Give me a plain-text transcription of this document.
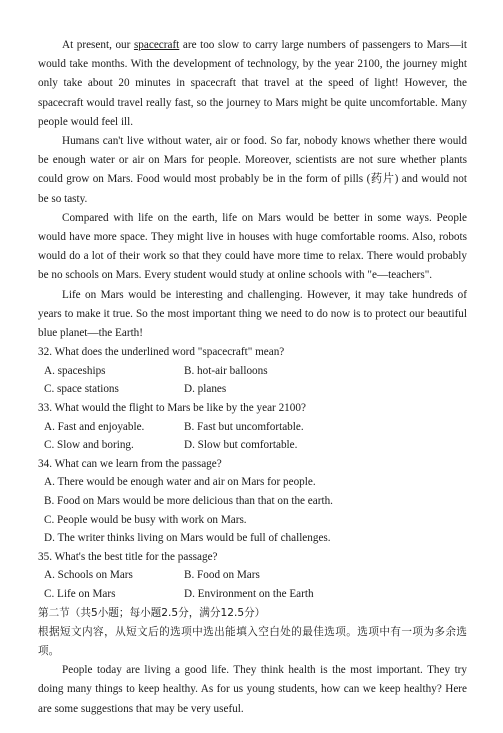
At present, our spacecraft are too slow to carry large numbers of passengers to Mars—it would take months. With the development of technology, by the year 2100, the journey might only take about 20 minutes in spacecraft that travel at the speed of light! However, the spacecraft would travel really fast, so the journey to Mars might be quite uncomfortable. Many people would feel ill.

Humans can't live without water, air or food. So far, nobody knows whether there would be enough water or air on Mars for people. Moreover, scientists are not sure whether plants could grow on Mars. Food would most probably be in the form of pills (药片) and would not be so tasty.

Compared with life on the earth, life on Mars would be better in some ways. People would have more space. They might live in houses with huge comfortable rooms. Also, robots would do a lot of their work so that they could have more time to relax. There would probably be no schools on Mars. Every student would study at online schools with "e—teachers".

Life on Mars would be interesting and challenging. However, it may take hundreds of years to make it true. So the most important thing we need to do now is to protect our beautiful blue planet—the Earth!

32. What does the underlined word "spacecraft" mean?
A. spaceships	B. hot-air balloons
C. space stations	D. planes
33. What would the flight to Mars be like by the year 2100?
A. Fast and enjoyable.	B. Fast but uncomfortable.
C. Slow and boring.	D. Slow but comfortable.
34. What can we learn from the passage?
A. There would be enough water and air on Mars for people.
B. Food on Mars would be more delicious than that on the earth.
C. People would be busy with work on Mars.
D. The writer thinks living on Mars would be full of challenges.
35. What's the best title for the passage?
A. Schools on Mars	B. Food on Mars
C. Life on Mars	D. Environment on the Earth
第二节（共5小题；每小题2.5分，满分12.5分）

根据短文内容，从短文后的选项中选出能填入空白处的最佳选项。选项中有一项为多余选项。

People today are living a good life. They think health is the most important. They try doing many things to keep healthy. As for us young students, how can we keep healthy? Here are some suggestions that may be very useful.
